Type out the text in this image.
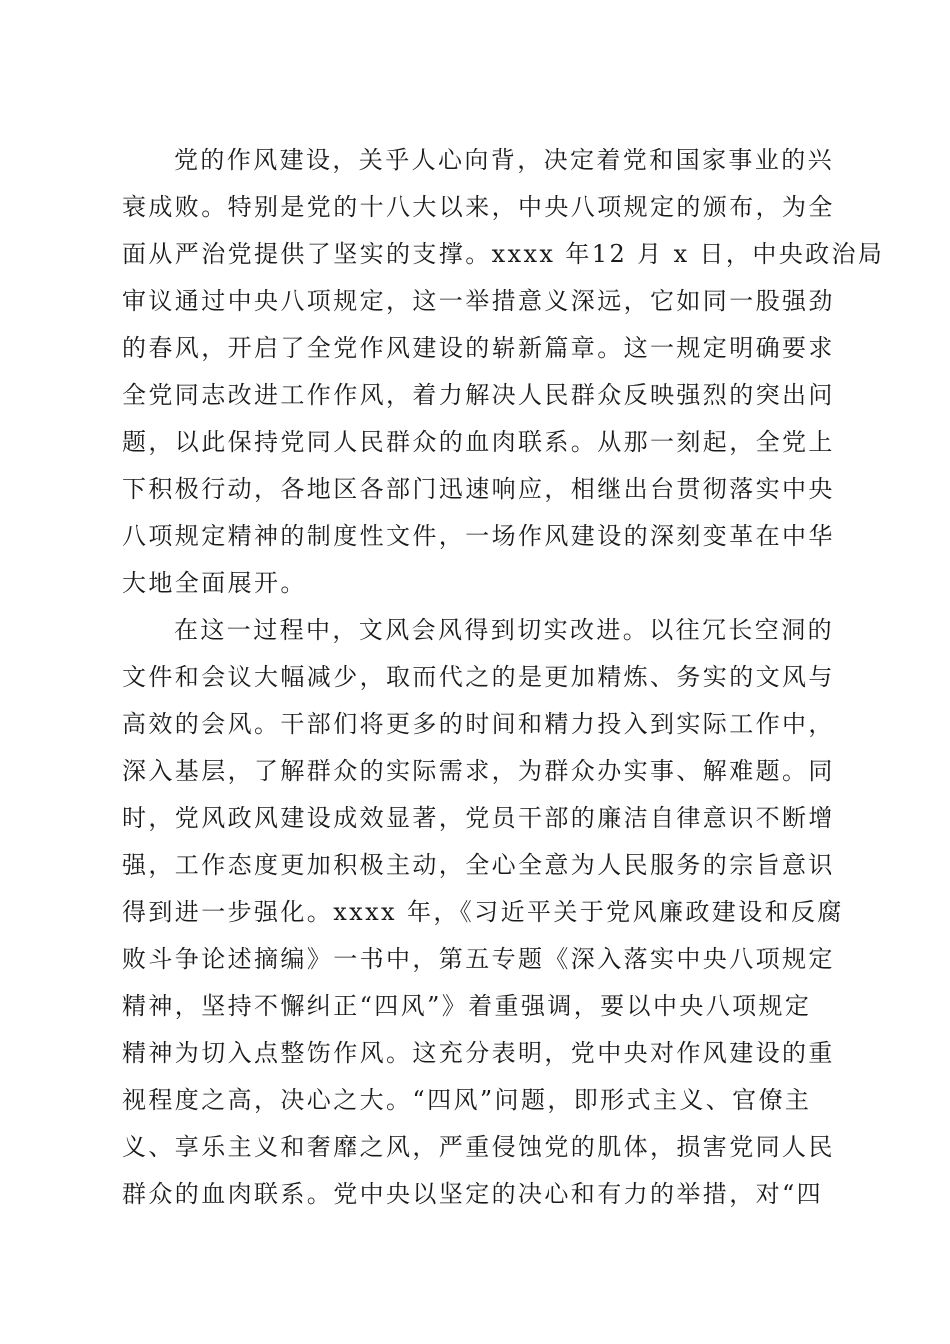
党的作风建设，关乎人心向背，决定着党和国家事业的兴
衰成败。特别是党的十八大以来，中央八项规定的颁布，为全
面从严治党提供了坚实的支撑。xxxx 年12 月 x 日，中央政治局
审议通过中央八项规定，这一举措意义深远，它如同一股强劲
的春风，开启了全党作风建设的崭新篇章。这一规定明确要求
全党同志改进工作作风，着力解决人民群众反映强烈的突出问
题，以此保持党同人民群众的血肉联系。从那一刻起，全党上
下积极行动，各地区各部门迅速响应，相继出台贯彻落实中央
八项规定精神的制度性文件，一场作风建设的深刻变革在中华
大地全面展开。
在这一过程中，文风会风得到切实改进。以往冗长空洞的
文件和会议大幅减少，取而代之的是更加精炼、务实的文风与
高效的会风。干部们将更多的时间和精力投入到实际工作中，
深入基层，了解群众的实际需求，为群众办实事、解难题。同
时，党风政风建设成效显著，党员干部的廉洁自律意识不断增
强，工作态度更加积极主动，全心全意为人民服务的宗旨意识
得到进一步强化。xxxx 年，《习近平关于党风廉政建设和反腐
败斗争论述摘编》一书中，第五专题《深入落实中央八项规定
精神，坚持不懈纠正“四风”》着重强调，要以中央八项规定
精神为切入点整饬作风。这充分表明，党中央对作风建设的重
视程度之高，决心之大。“四风”问题，即形式主义、官僚主
义、享乐主义和奢靡之风，严重侵蚀党的肌体，损害党同人民
群众的血肉联系。党中央以坚定的决心和有力的举措，对“四
